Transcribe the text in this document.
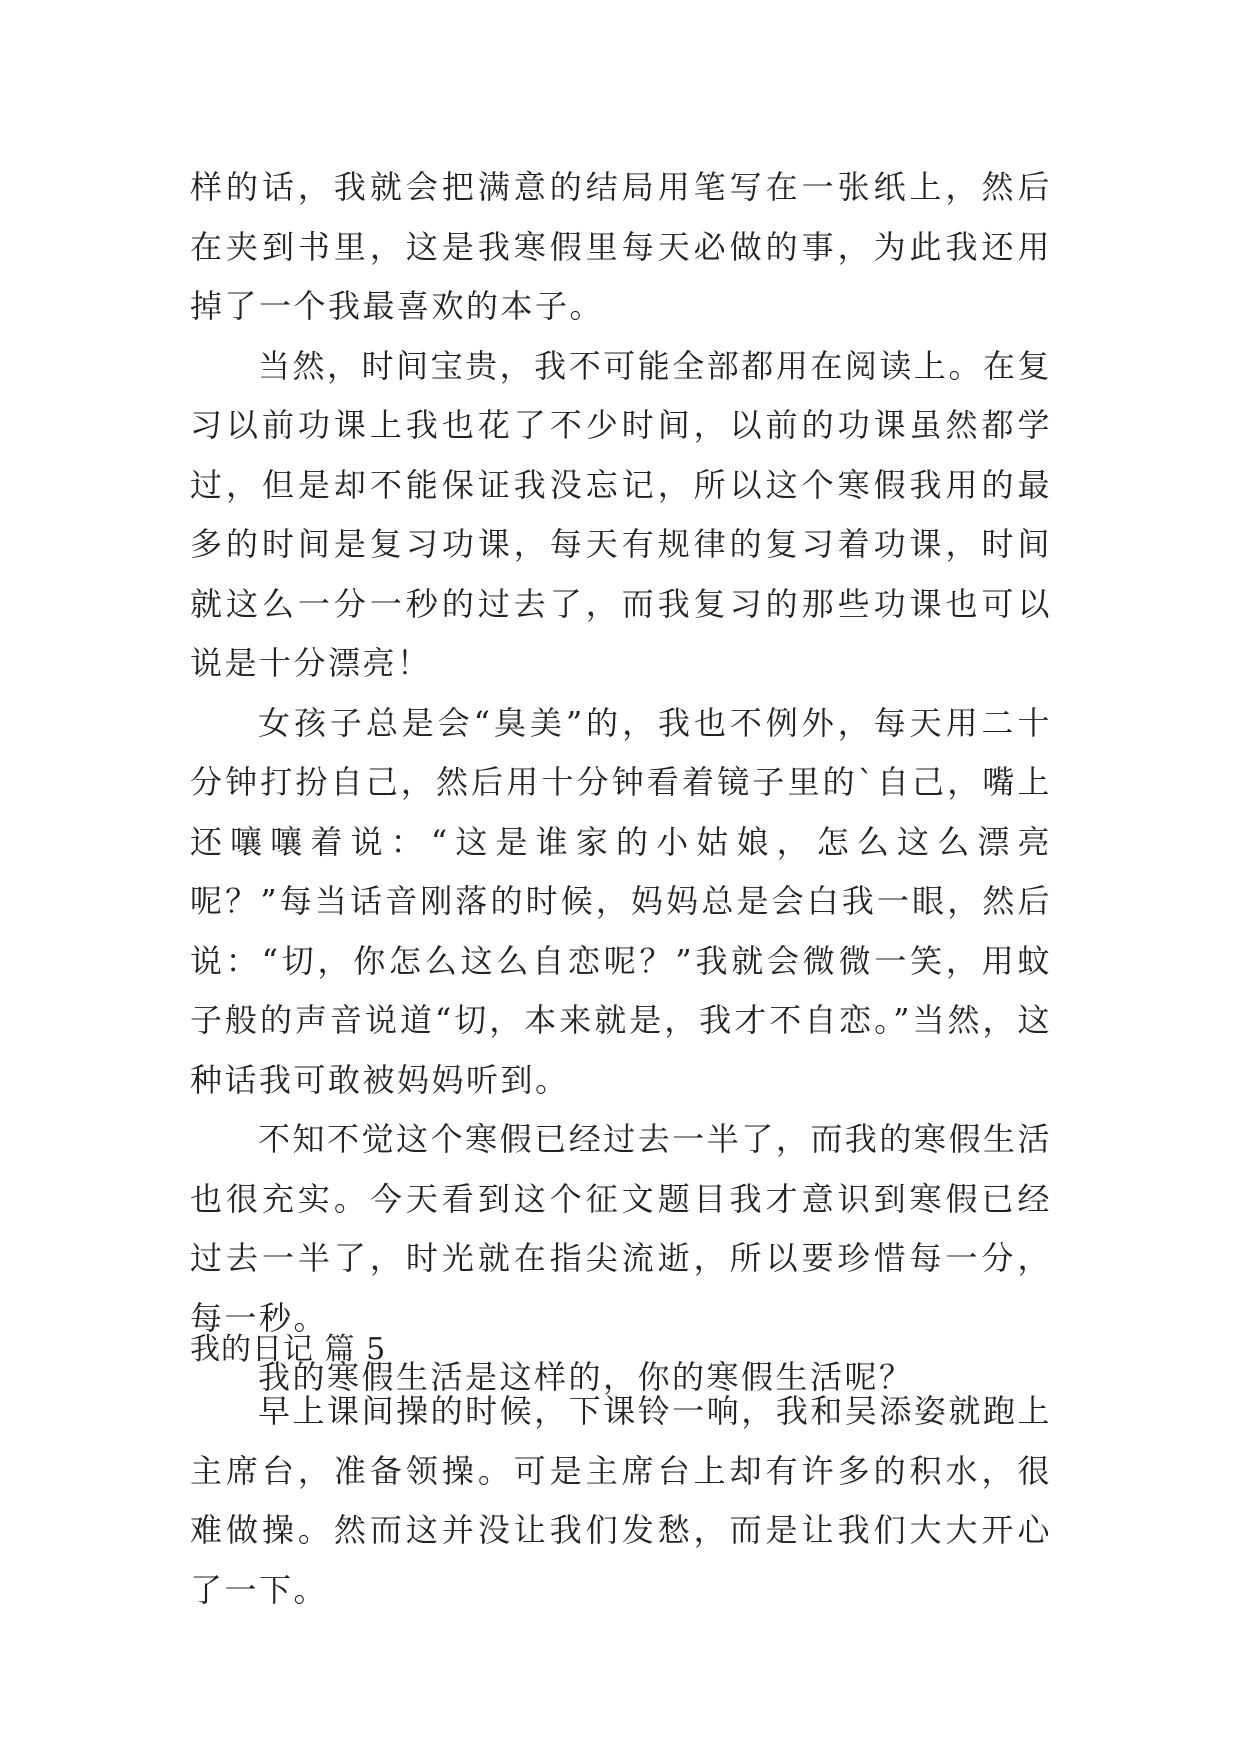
样的话，我就会把满意的结局用笔写在一张纸上，然后在夹到书里，这是我寒假里每天必做的事，为此我还用掉了一个我最喜欢的本子。

当然，时间宝贵，我不可能全部都用在阅读上。在复习以前功课上我也花了不少时间，以前的功课虽然都学过，但是却不能保证我没忘记，所以这个寒假我用的最多的时间是复习功课，每天有规律的复习着功课，时间就这么一分一秒的过去了，而我复习的那些功课也可以说是十分漂亮！

女孩子总是会“臭美”的，我也不例外，每天用二十分钟打扮自己，然后用十分钟看着镜子里的`自己，嘴上还嚷嚷着说：“这是谁家的小姑娘，怎么这么漂亮呢？”每当话音刚落的时候，妈妈总是会白我一眼，然后说：“切，你怎么这么自恋呢？”我就会微微一笑，用蚊子般的声音说道“切，本来就是，我才不自恋。”当然，这种话我可敢被妈妈听到。

不知不觉这个寒假已经过去一半了，而我的寒假生活也很充实。今天看到这个征文题目我才意识到寒假已经过去一半了，时光就在指尖流逝，所以要珍惜每一分，每一秒。

我的寒假生活是这样的，你的寒假生活呢？

我的日记 篇 5

早上课间操的时候，下课铃一响，我和吴添姿就跑上主席台，准备领操。可是主席台上却有许多的积水，很难做操。然而这并没让我们发愁，而是让我们大大开心了一下。
